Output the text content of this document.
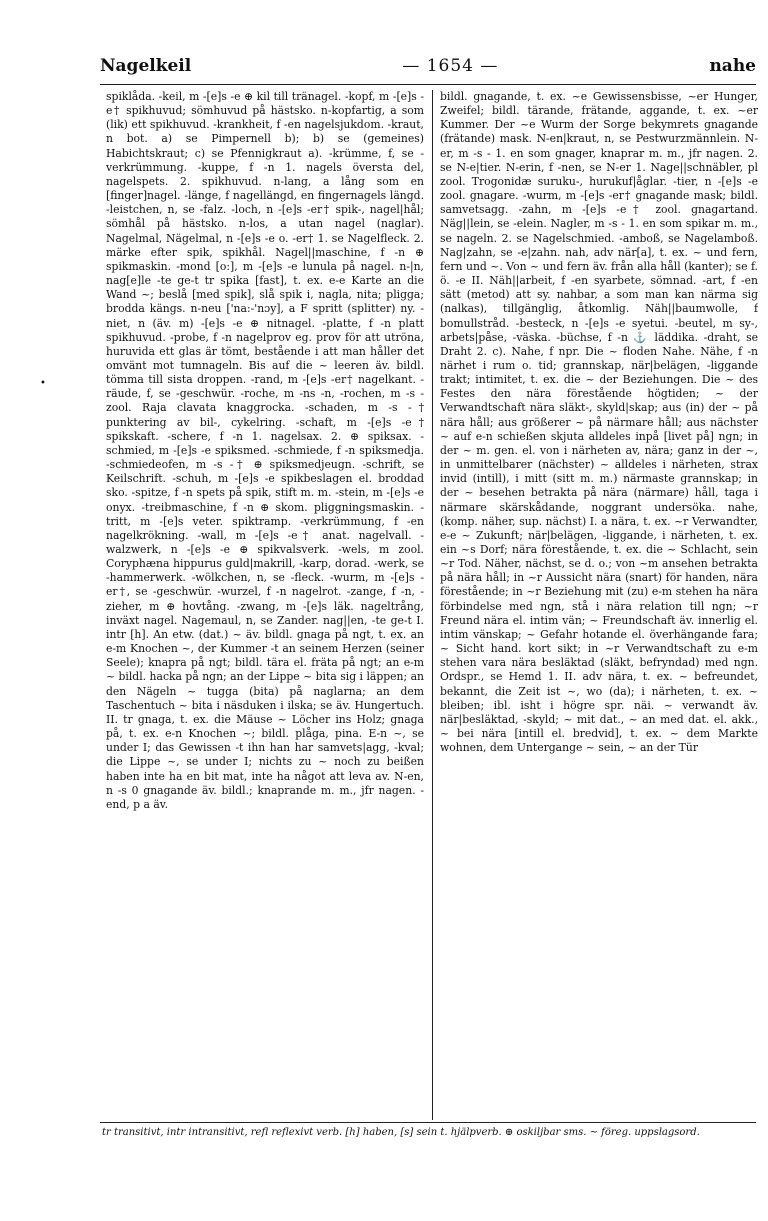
Nagelkeil	— 1654 —	nahe

spiklåda. -keil, m -[e]s -e ⊕ kil till tränagel. -kopf, m -[e]s -e† spikhuvud; sömhuvud på hästsko. n-kopfartig, a som (lik) ett spikhuvud. -krankheit, f -en nagelsjukdom. -kraut, n bot. a) se Pimpernell b); b) se (gemeines) Habichtskraut; c) se Pfennigkraut a). -krümme, f, se -verkrümmung. -kuppe, f -n 1. nagels översta del, nagelspets. 2. spikhuvud. n-lang, a lång som en [finger]nagel. -länge, f nagellängd, en fingernagels längd. -leistchen, n, se -falz. -loch, n -[e]s -er† spik-, nagel|hål; sömhål på hästsko. n-los, a utan nagel (naglar). Nagelmal, Nägelmal, n -[e]s -e o. -er† 1. se Nagelfleck. 2. märke efter spik, spikhål. Nagel||maschine, f -n ⊕ spikmaskin. -mond [o:], m -[e]s -e lunula på nagel. n-|n, nag[e]le -te ge-t tr spika [fast], t. ex. e-e Karte an die Wand ~; beslå [med spik], slå spik i, nagla, nita; pligga; brodda kängs. n-neu ['na:-'nɔy], a F spritt (splitter) ny. -niet, n (äv. m) -[e]s -e ⊕ nitnagel. -platte, f -n platt spikhuvud. -probe, f -n nagelprov eg. prov för att utröna, huruvida ett glas är tömt, bestående i att man håller det omvänt mot tumnageln. Bis auf die ~ leeren äv. bildl. tömma till sista droppen. -rand, m -[e]s -er† nagelkant. -räude, f, se -geschwür. -roche, m -ns -n, -rochen, m -s - zool. Raja clavata knaggrocka. -schaden, m -s -† punktering av bil-, cykelring. -schaft, m -[e]s -e† spikskaft. -schere, f -n 1. nagelsax. 2. ⊕ spiksax. -schmied, m -[e]s -e spiksmed. -schmiede, f -n spiksmedja. -schmiedeofen, m -s -† ⊕ spiksmedjeugn. -schrift, se Keilschrift. -schuh, m -[e]s -e spikbeslagen el. broddad sko. -spitze, f -n spets på spik, stift m. m. -stein, m -[e]s -e onyx. -treibmaschine, f -n ⊕ skom. pliggningsmaskin. -tritt, m -[e]s veter. spiktramp. -verkrümmung, f -en nagelkrökning. -wall, m -[e]s -e† anat. nagelvall. -walzwerk, n -[e]s -e ⊕ spikvalsverk. -wels, m zool. Coryphæna hippurus guld|makrill, -karp, dorad. -werk, se -hammerwerk. -wölkchen, n, se -fleck. -wurm, m -[e]s -er†, se -geschwür. -wurzel, f -n nagelrot. -zange, f -n, -zieher, m ⊕ hovtång. -zwang, m -[e]s läk. nageltrång, inväxt nagel. Nagemaul, n, se Zander. nag||en, -te ge-t I. intr [h]. An etw. (dat.) ~ äv. bildl. gnaga på ngt, t. ex. an e-m Knochen ~, der Kummer -t an seinem Herzen (seiner Seele); knapra på ngt; bildl. tära el. fräta på ngt; an e-m ~ bildl. hacka på ngn; an der Lippe ~ bita sig i läppen; an den Nägeln ~ tugga (bita) på naglarna; an dem Taschentuch ~ bita i näsduken i ilska; se äv. Hungertuch. II. tr gnaga, t. ex. die Mäuse ~ Löcher ins Holz; gnaga på, t. ex. e-n Knochen ~; bildl. plåga, pina. E-n ~, se under I; das Gewissen -t ihn han har samvets|agg, -kval; die Lippe ~, se under I; nichts zu ~ noch zu beißen haben inte ha en bit mat, inte ha något att leva av. N-en, n -s 0 gnagande äv. bildl.; knaprande m. m., jfr nagen. -end, p a äv.

bildl. gnagande, t. ex. ~e Gewissensbisse, ~er Hunger, Zweifel; bildl. tärande, frätande, aggande, t. ex. ~er Kummer. Der ~e Wurm der Sorge bekymrets gnagande (frätande) mask. N-en|kraut, n, se Pestwurzmännlein. N-er, m -s - 1. en som gnager, knaprar m. m., jfr nagen. 2. se N-e|tier. N-erin, f -nen, se N-er 1. Nage||schnäbler, pl zool. Trogonidæ suruku-, hurukuf|åglar. -tier, n -[e]s -e zool. gnagare. -wurm, m -[e]s -er† gnagande mask; bildl. samvetsagg. -zahn, m -[e]s -e† zool. gnagartand. Näg||lein, se -elein. Nagler, m -s - 1. en som spikar m. m., se nageln. 2. se Nagelschmied. -amboß, se Nagelamboß. Nag|zahn, se -e|zahn. nah, adv när[a], t. ex. ~ und fern, fern und ~. Von ~ und fern äv. från alla håll (kanter); se f. ö. -e II. Näh||arbeit, f -en syarbete, sömnad. -art, f -en sätt (metod) att sy. nahbar, a som man kan närma sig (nalkas), tillgänglig, åtkomlig. Näh||baumwolle, f bomullstråd. -besteck, n -[e]s -e syetui. -beutel, m sy-, arbets|påse, -väska. -büchse, f -n ⚓ läddika. -draht, se Draht 2. c). Nahe, f npr. Die ~ floden Nahe. Nähe, f -n närhet i rum o. tid; grannskap, när|belägen, -liggande trakt; intimitet, t. ex. die ~ der Beziehungen. Die ~ des Festes den nära förestående högtiden; ~ der Verwandtschaft nära släkt-, skyld|skap; aus (in) der ~ på nära håll; aus größerer ~ på närmare håll; aus nächster ~ auf e-n schießen skjuta alldeles inpå [livet på] ngn; in der ~ m. gen. el. von i närheten av, nära; ganz in der ~, in unmittelbarer (nächster) ~ alldeles i närheten, strax invid (intill), i mitt (sitt m. m.) närmaste grannskap; in der ~ besehen betrakta på nära (närmare) håll, taga i närmare skärskådande, noggrant undersöka. nahe, (komp. näher, sup. nächst) I. a nära, t. ex. ~r Verwandter, e-e ~ Zukunft; när|belägen, -liggande, i närheten, t. ex. ein ~s Dorf; nära förestående, t. ex. die ~ Schlacht, sein ~r Tod. Näher, nächst, se d. o.; von ~m ansehen betrakta på nära håll; in ~r Aussicht nära (snart) för handen, nära förestående; in ~r Beziehung mit (zu) e-m stehen ha nära förbindelse med ngn, stå i nära relation till ngn; ~r Freund nära el. intim vän; ~ Freundschaft äv. innerlig el. intim vänskap; ~ Gefahr hotande el. överhängande fara; ~ Sicht hand. kort sikt; in ~r Verwandtschaft zu e-m stehen vara nära besläktad (släkt, befryndad) med ngn. Ordspr., se Hemd 1. II. adv nära, t. ex. ~ befreundet, bekannt, die Zeit ist ~, wo (da); i närheten, t. ex. ~ bleiben; ibl. isht i högre spr. näi. ~ verwandt äv. när|besläktad, -skyld; ~ mit dat., ~ an med dat. el. akk., ~ bei nära [intill el. bredvid], t. ex. ~ dem Markte wohnen, dem Untergange ~ sein, ~ an der Tür

•
tr transitivt, intr intransitivt, refl reflexivt verb. [h] haben, [s] sein t. hjälpverb. ⊕ oskiljbar sms. ~ föreg. uppslagsord.
